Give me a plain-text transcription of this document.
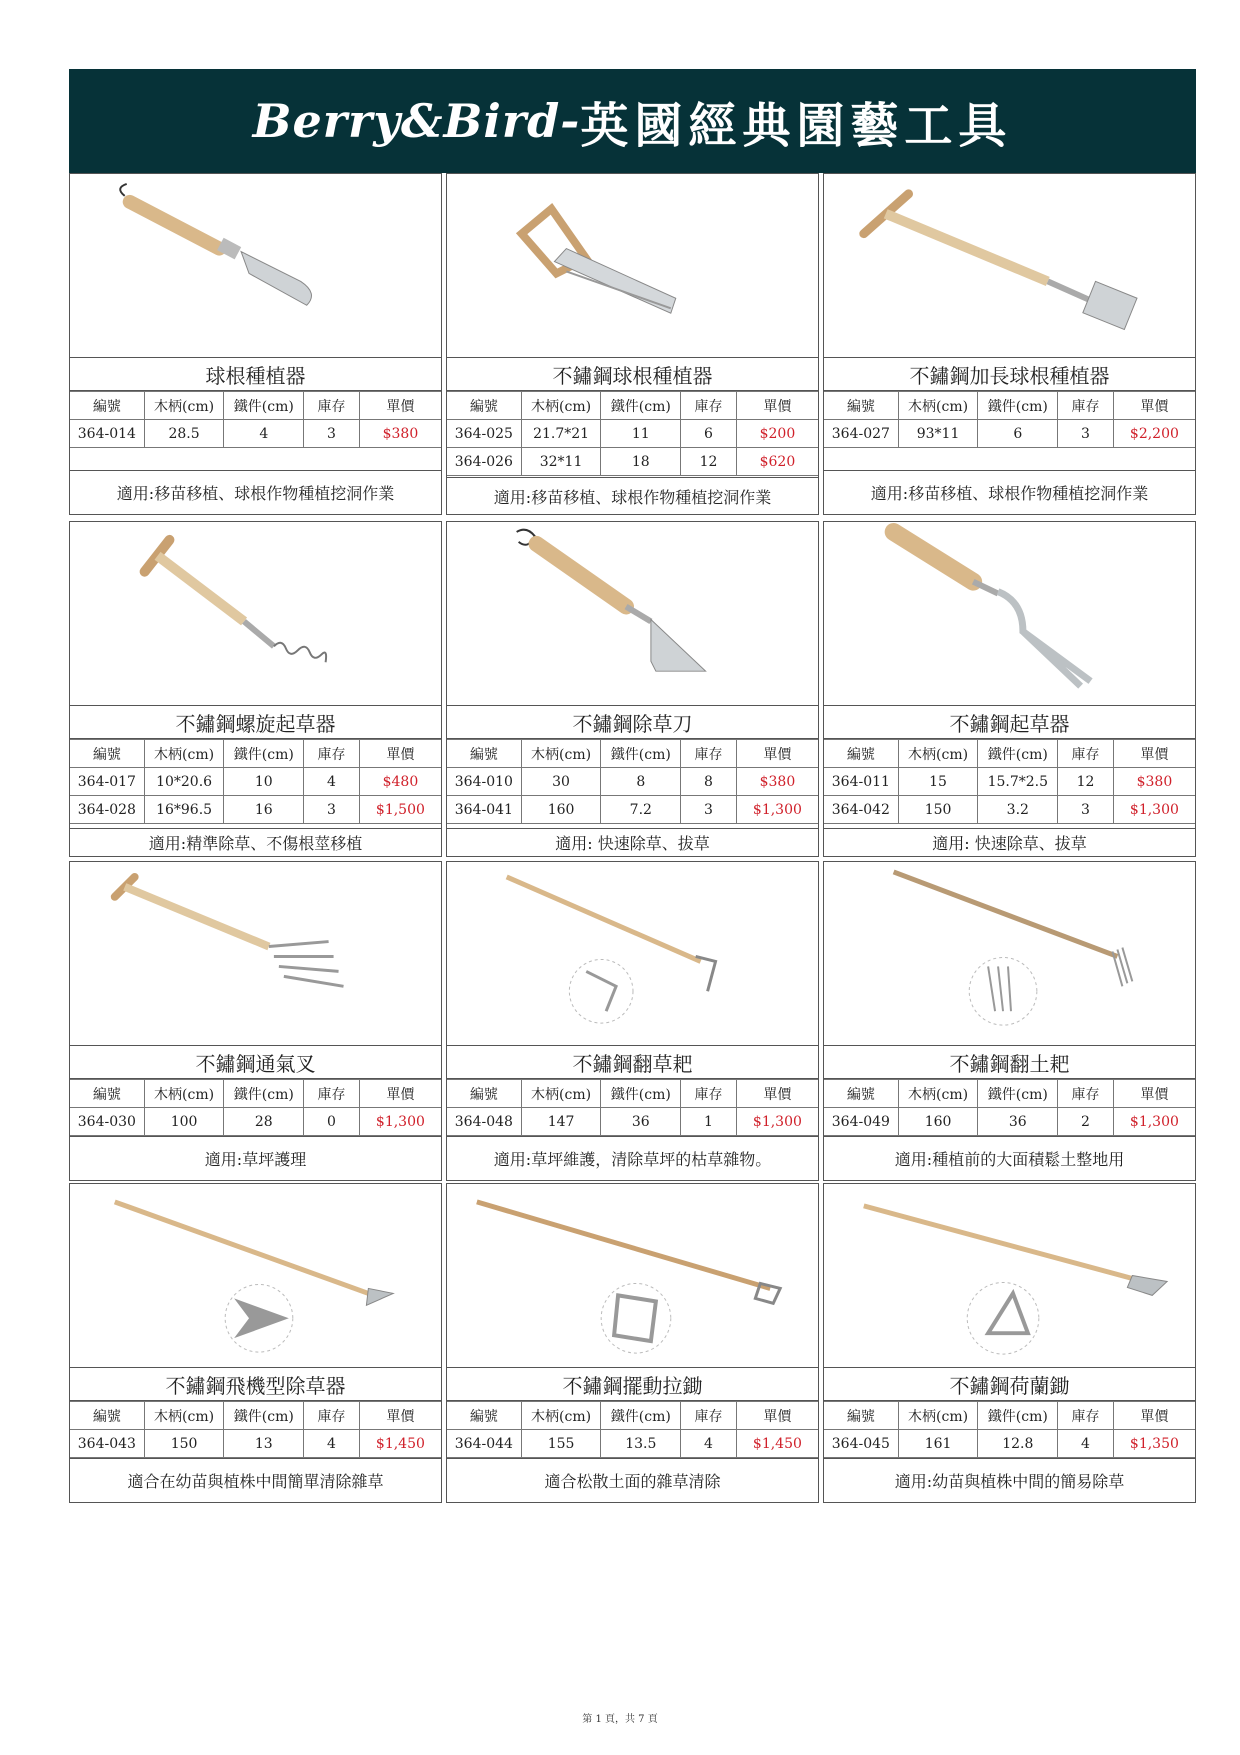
Berry&Bird- 英國經典園藝工具
球根種植器
編號	木柄(cm)	鐵件(cm)	庫存	單價
364-014	28.5	4	3	$380
適用:移苗移植、球根作物種植挖洞作業
不鏽鋼球根種植器
編號	木柄(cm)	鐵件(cm)	庫存	單價
364-025	21.7*21	11	6	$200
364-026	32*11	18	12	$620
適用:移苗移植、球根作物種植挖洞作業
不鏽鋼加長球根種植器
編號	木柄(cm)	鐵件(cm)	庫存	單價
364-027	93*11	6	3	$2,200
適用:移苗移植、球根作物種植挖洞作業
不鏽鋼螺旋起草器
編號	木柄(cm)	鐵件(cm)	庫存	單價
364-017	10*20.6	10	4	$480
364-028	16*96.5	16	3	$1,500
適用:精準除草、不傷根莖移植
不鏽鋼除草刀
編號	木柄(cm)	鐵件(cm)	庫存	單價
364-010	30	8	8	$380
364-041	160	7.2	3	$1,300
適用: 快速除草、拔草
不鏽鋼起草器
編號	木柄(cm)	鐵件(cm)	庫存	單價
364-011	15	15.7*2.5	12	$380
364-042	150	3.2	3	$1,300
適用: 快速除草、拔草
不鏽鋼通氣叉
編號	木柄(cm)	鐵件(cm)	庫存	單價
364-030	100	28	0	$1,300
適用:草坪護理
不鏽鋼翻草耙
編號	木柄(cm)	鐵件(cm)	庫存	單價
364-048	147	36	1	$1,300
適用:草坪維護，清除草坪的枯草雜物。
不鏽鋼翻土耙
編號	木柄(cm)	鐵件(cm)	庫存	單價
364-049	160	36	2	$1,300
適用:種植前的大面積鬆土整地用
不鏽鋼飛機型除草器
編號	木柄(cm)	鐵件(cm)	庫存	單價
364-043	150	13	4	$1,450
適合在幼苗與植株中間簡單清除雜草
不鏽鋼擺動拉鋤
編號	木柄(cm)	鐵件(cm)	庫存	單價
364-044	155	13.5	4	$1,450
適合松散土面的雜草清除
不鏽鋼荷蘭鋤
編號	木柄(cm)	鐵件(cm)	庫存	單價
364-045	161	12.8	4	$1,350
適用:幼苗與植株中間的簡易除草
第 1 頁，共 7 頁
